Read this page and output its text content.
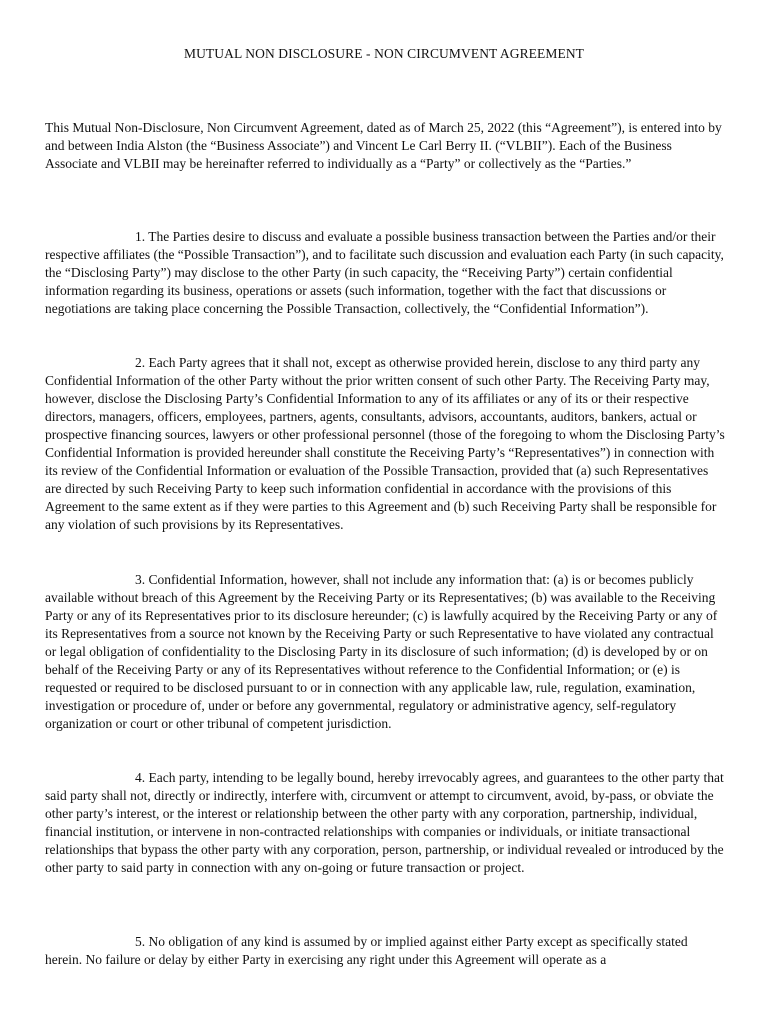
MUTUAL NON DISCLOSURE - NON CIRCUMVENT AGREEMENT

This Mutual Non-Disclosure, Non Circumvent Agreement, dated as of March 25, 2022 (this “Agreement”), is entered into by and between India Alston (the “Business Associate”) and Vincent Le Carl Berry II. (“VLBII”). Each of the Business Associate and VLBII may be hereinafter referred to individually as a “Party” or collectively as the “Parties.”

1. The Parties desire to discuss and evaluate a possible business transaction between the Parties and/or their respective affiliates (the “Possible Transaction”), and to facilitate such discussion and evaluation each Party (in such capacity, the “Disclosing Party”) may disclose to the other Party (in such capacity, the “Receiving Party”) certain confidential information regarding its business, operations or assets (such information, together with the fact that discussions or negotiations are taking place concerning the Possible Transaction, collectively, the “Confidential Information”).

2. Each Party agrees that it shall not, except as otherwise provided herein, disclose to any third party any Confidential Information of the other Party without the prior written consent of such other Party. The Receiving Party may, however, disclose the Disclosing Party’s Confidential Information to any of its affiliates or any of its or their respective directors, managers, officers, employees, partners, agents, consultants, advisors, accountants, auditors, bankers, actual or prospective financing sources, lawyers or other professional personnel (those of the foregoing to whom the Disclosing Party’s Confidential Information is provided hereunder shall constitute the Receiving Party’s “Representatives”) in connection with its review of the Confidential Information or evaluation of the Possible Transaction, provided that (a) such Representatives are directed by such Receiving Party to keep such information confidential in accordance with the provisions of this Agreement to the same extent as if they were parties to this Agreement and (b) such Receiving Party shall be responsible for any violation of such provisions by its Representatives.

3. Confidential Information, however, shall not include any information that: (a) is or becomes publicly available without breach of this Agreement by the Receiving Party or its Representatives; (b) was available to the Receiving Party or any of its Representatives prior to its disclosure hereunder; (c) is lawfully acquired by the Receiving Party or any of its Representatives from a source not known by the Receiving Party or such Representative to have violated any contractual or legal obligation of confidentiality to the Disclosing Party in its disclosure of such information; (d) is developed by or on behalf of the Receiving Party or any of its Representatives without reference to the Confidential Information; or (e) is requested or required to be disclosed pursuant to or in connection with any applicable law, rule, regulation, examination, investigation or procedure of, under or before any governmental, regulatory or administrative agency, self-regulatory organization or court or other tribunal of competent jurisdiction.

4. Each party, intending to be legally bound, hereby irrevocably agrees, and guarantees to the other party that said party shall not, directly or indirectly, interfere with, circumvent or attempt to circumvent, avoid, by-pass, or obviate the other party’s interest, or the interest or relationship between the other party with any corporation, partnership, individual, financial institution, or intervene in non-contracted relationships with companies or individuals, or initiate transactional relationships that bypass the other party with any corporation, person, partnership, or individual revealed or introduced by the other party to said party in connection with any on-going or future transaction or project.

5. No obligation of any kind is assumed by or implied against either Party except as specifically stated herein. No failure or delay by either Party in exercising any right under this Agreement will operate as a
